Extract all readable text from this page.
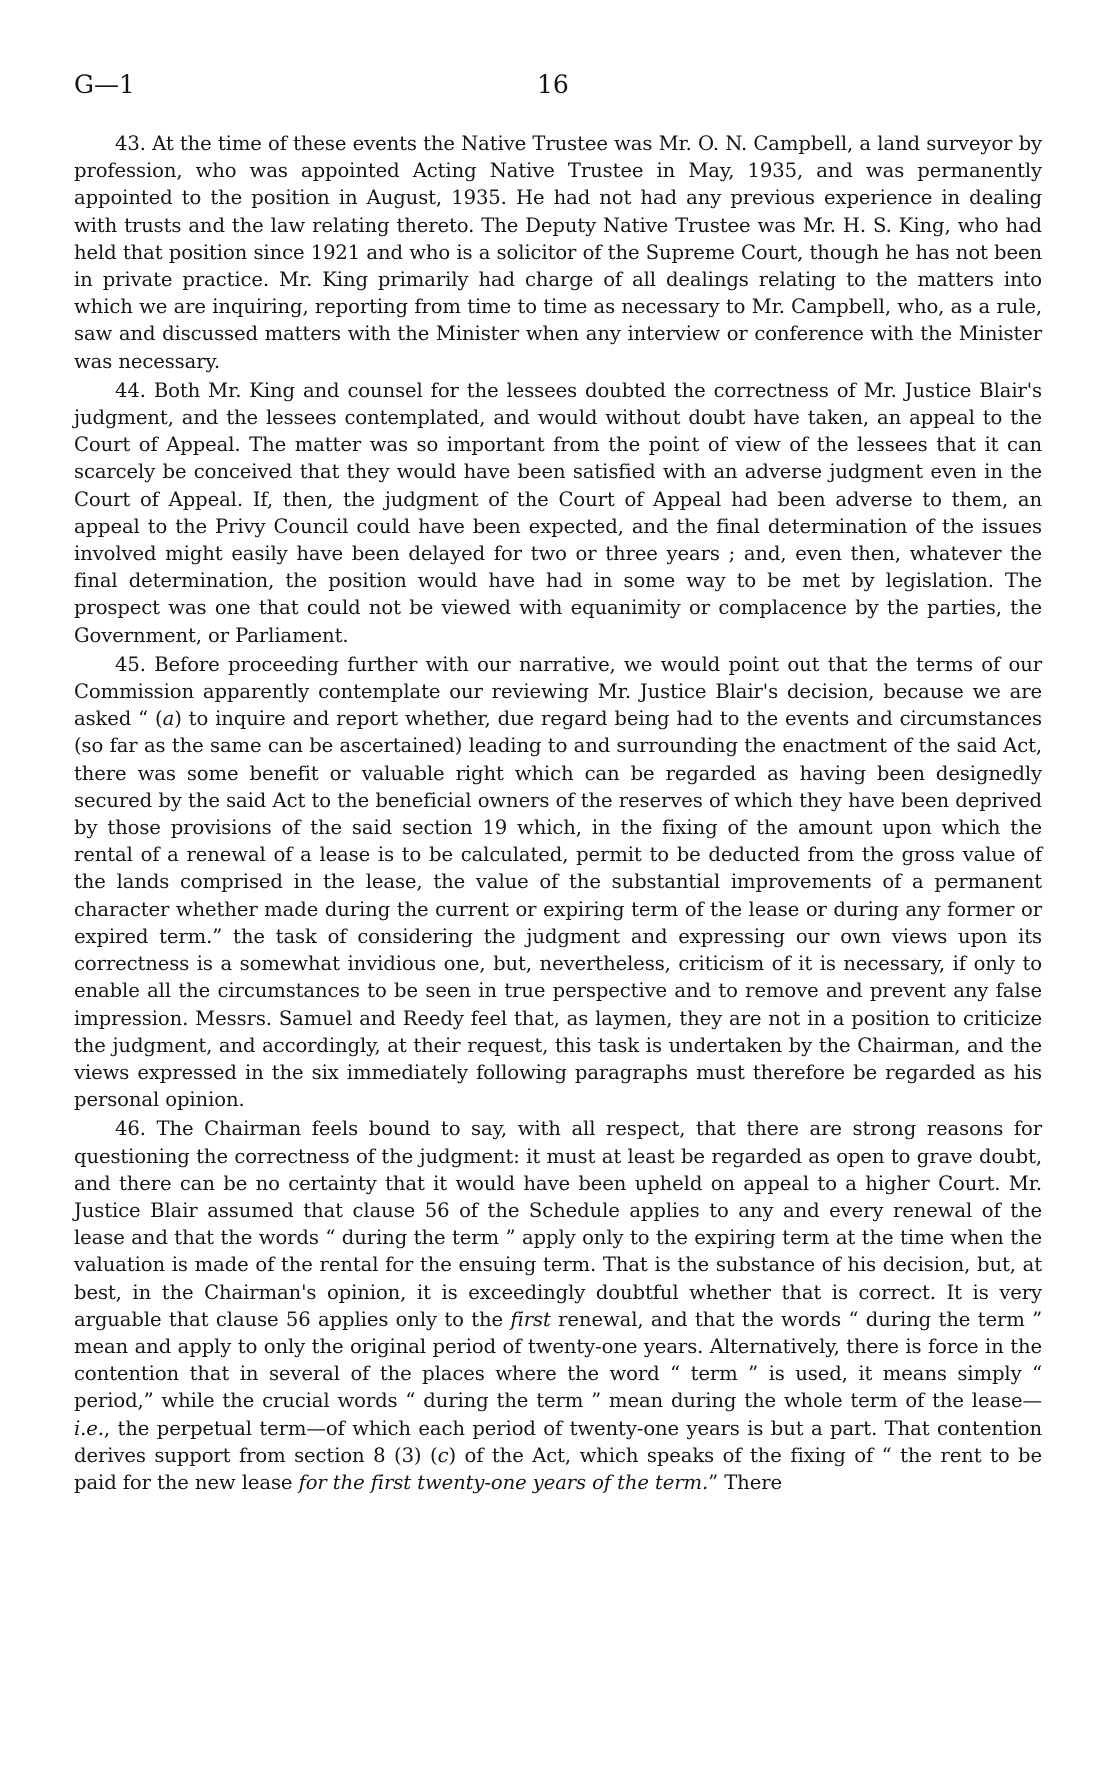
G—1	16

43. At the time of these events the Native Trustee was Mr. O. N. Campbell, a land surveyor by profession, who was appointed Acting Native Trustee in May, 1935, and was permanently appointed to the position in August, 1935. He had not had any previous experience in dealing with trusts and the law relating thereto. The Deputy Native Trustee was Mr. H. S. King, who had held that position since 1921 and who is a solicitor of the Supreme Court, though he has not been in private practice. Mr. King primarily had charge of all dealings relating to the matters into which we are inquiring, reporting from time to time as necessary to Mr. Campbell, who, as a rule, saw and discussed matters with the Minister when any interview or conference with the Minister was necessary.

44. Both Mr. King and counsel for the lessees doubted the correctness of Mr. Justice Blair's judgment, and the lessees contemplated, and would without doubt have taken, an appeal to the Court of Appeal. The matter was so important from the point of view of the lessees that it can scarcely be conceived that they would have been satisfied with an adverse judgment even in the Court of Appeal. If, then, the judgment of the Court of Appeal had been adverse to them, an appeal to the Privy Council could have been expected, and the final determination of the issues involved might easily have been delayed for two or three years ; and, even then, whatever the final determination, the position would have had in some way to be met by legislation. The prospect was one that could not be viewed with equanimity or complacence by the parties, the Government, or Parliament.

45. Before proceeding further with our narrative, we would point out that the terms of our Commission apparently contemplate our reviewing Mr. Justice Blair's decision, because we are asked “ (a) to inquire and report whether, due regard being had to the events and circumstances (so far as the same can be ascertained) leading to and surrounding the enactment of the said Act, there was some benefit or valuable right which can be regarded as having been designedly secured by the said Act to the beneficial owners of the reserves of which they have been deprived by those provisions of the said section 19 which, in the fixing of the amount upon which the rental of a renewal of a lease is to be calculated, permit to be deducted from the gross value of the lands comprised in the lease, the value of the substantial improvements of a permanent character whether made during the current or expiring term of the lease or during any former or expired term.” the task of considering the judgment and expressing our own views upon its correctness is a somewhat invidious one, but, nevertheless, criticism of it is necessary, if only to enable all the circumstances to be seen in true perspective and to remove and prevent any false impression. Messrs. Samuel and Reedy feel that, as laymen, they are not in a position to criticize the judgment, and accordingly, at their request, this task is undertaken by the Chairman, and the views expressed in the six immediately following paragraphs must therefore be regarded as his personal opinion.

46. The Chairman feels bound to say, with all respect, that there are strong reasons for questioning the correctness of the judgment: it must at least be regarded as open to grave doubt, and there can be no certainty that it would have been upheld on appeal to a higher Court. Mr. Justice Blair assumed that clause 56 of the Schedule applies to any and every renewal of the lease and that the words “ during the term ” apply only to the expiring term at the time when the valuation is made of the rental for the ensuing term. That is the substance of his decision, but, at best, in the Chairman's opinion, it is exceedingly doubtful whether that is correct. It is very arguable that clause 56 applies only to the first renewal, and that the words “ during the term ” mean and apply to only the original period of twenty-one years. Alternatively, there is force in the contention that in several of the places where the word “ term ” is used, it means simply “ period,” while the crucial words “ during the term ” mean during the whole term of the lease—i.e., the perpetual term—of which each period of twenty-one years is but a part. That contention derives support from section 8 (3) (c) of the Act, which speaks of the fixing of “ the rent to be paid for the new lease for the first twenty-one years of the term.” There
